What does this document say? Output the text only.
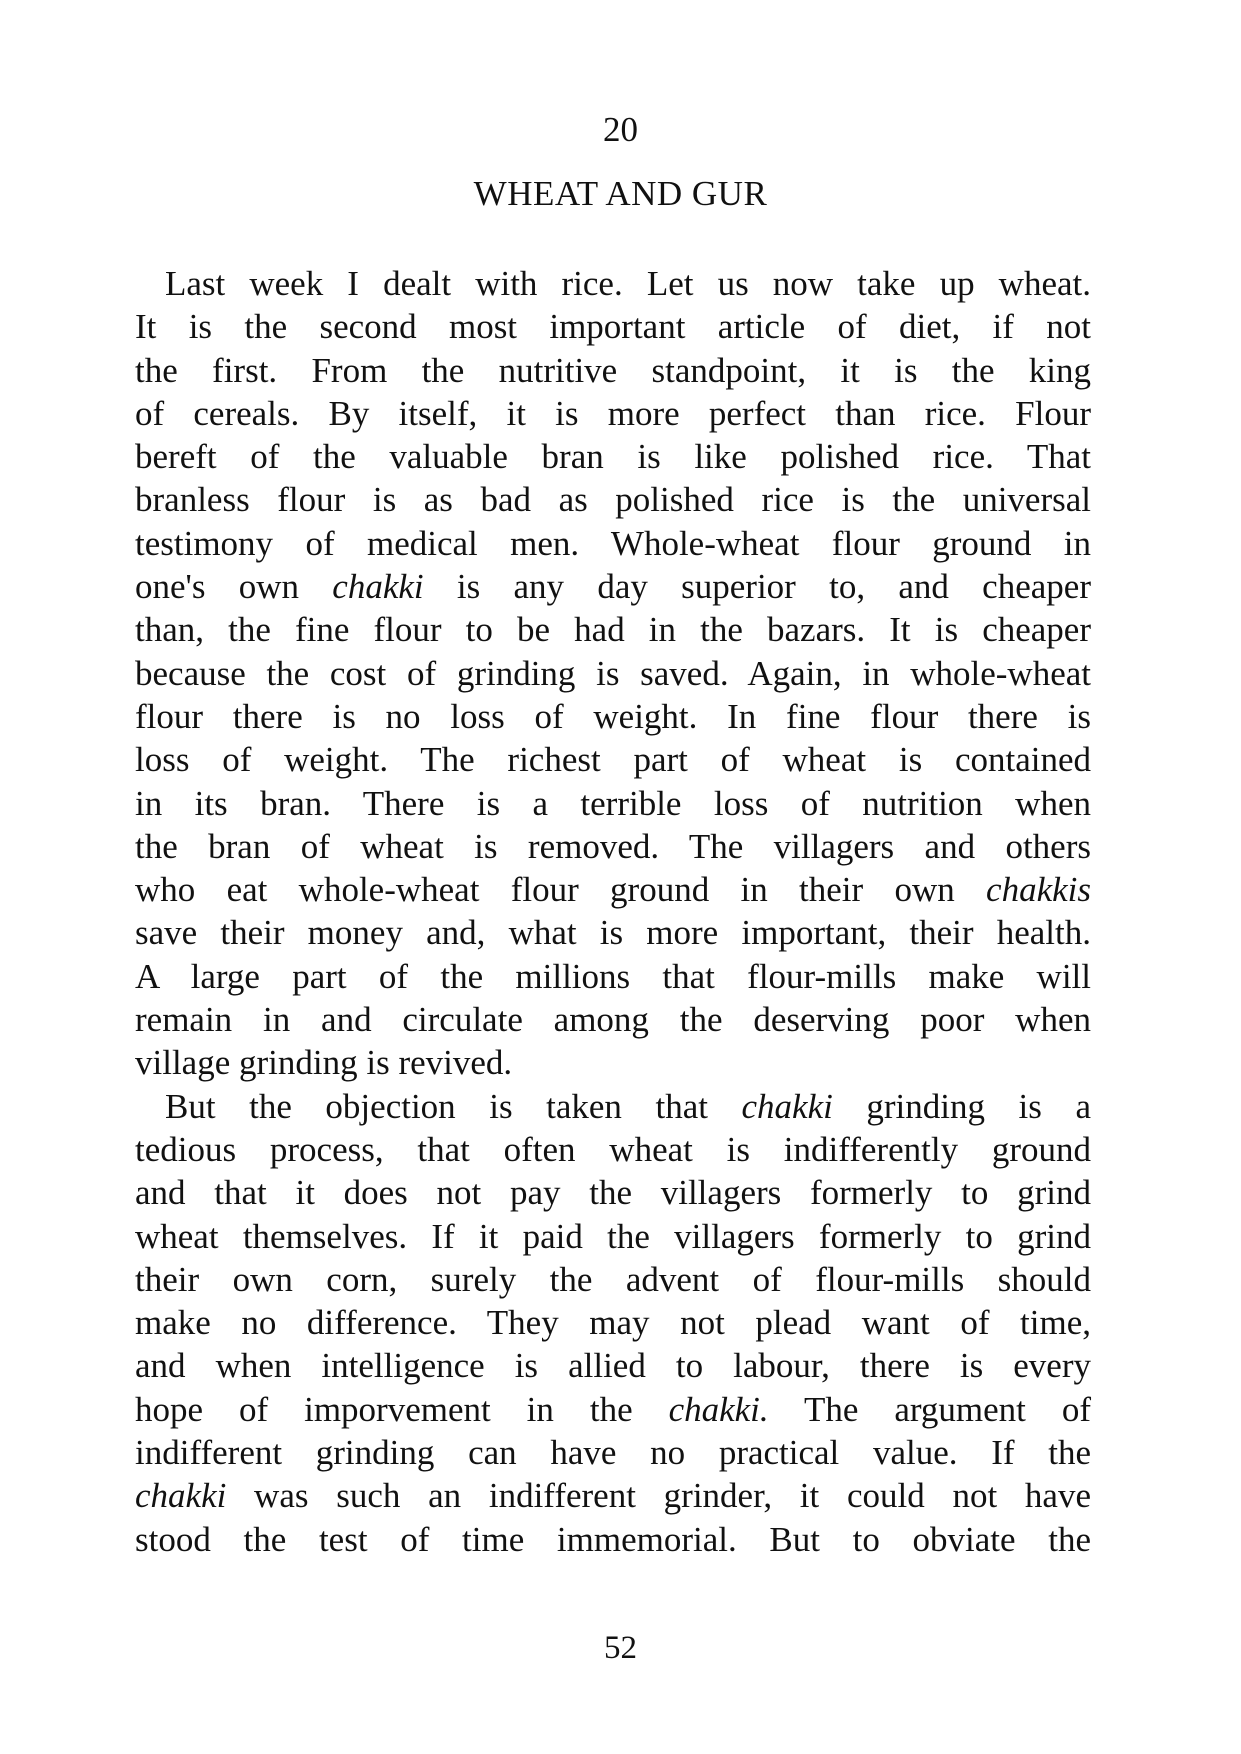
20
WHEAT AND GUR
Last week I dealt with rice. Let us now take up wheat.
It is the second most important article of diet, if not
the first. From the nutritive standpoint, it is the king
of cereals. By itself, it is more perfect than rice. Flour
bereft of the valuable bran is like polished rice. That
branless flour is as bad as polished rice is the universal
testimony of medical men. Whole-wheat flour ground in
one's own chakki is any day superior to, and cheaper
than, the fine flour to be had in the bazars. It is cheaper
because the cost of grinding is saved. Again, in whole-wheat
flour there is no loss of weight. In fine flour there is
loss of weight. The richest part of wheat is contained
in its bran. There is a terrible loss of nutrition when
the bran of wheat is removed. The villagers and others
who eat whole-wheat flour ground in their own chakkis
save their money and, what is more important, their health.
A large part of the millions that flour-mills make will
remain in and circulate among the deserving poor when
village grinding is revived.
But the objection is taken that chakki grinding is a
tedious process, that often wheat is indifferently ground
and that it does not pay the villagers formerly to grind
wheat themselves. If it paid the villagers formerly to grind
their own corn, surely the advent of flour-mills should
make no difference. They may not plead want of time,
and when intelligence is allied to labour, there is every
hope of imporvement in the chakki. The argument of
indifferent grinding can have no practical value. If the
chakki was such an indifferent grinder, it could not have
stood the test of time immemorial. But to obviate the
52
